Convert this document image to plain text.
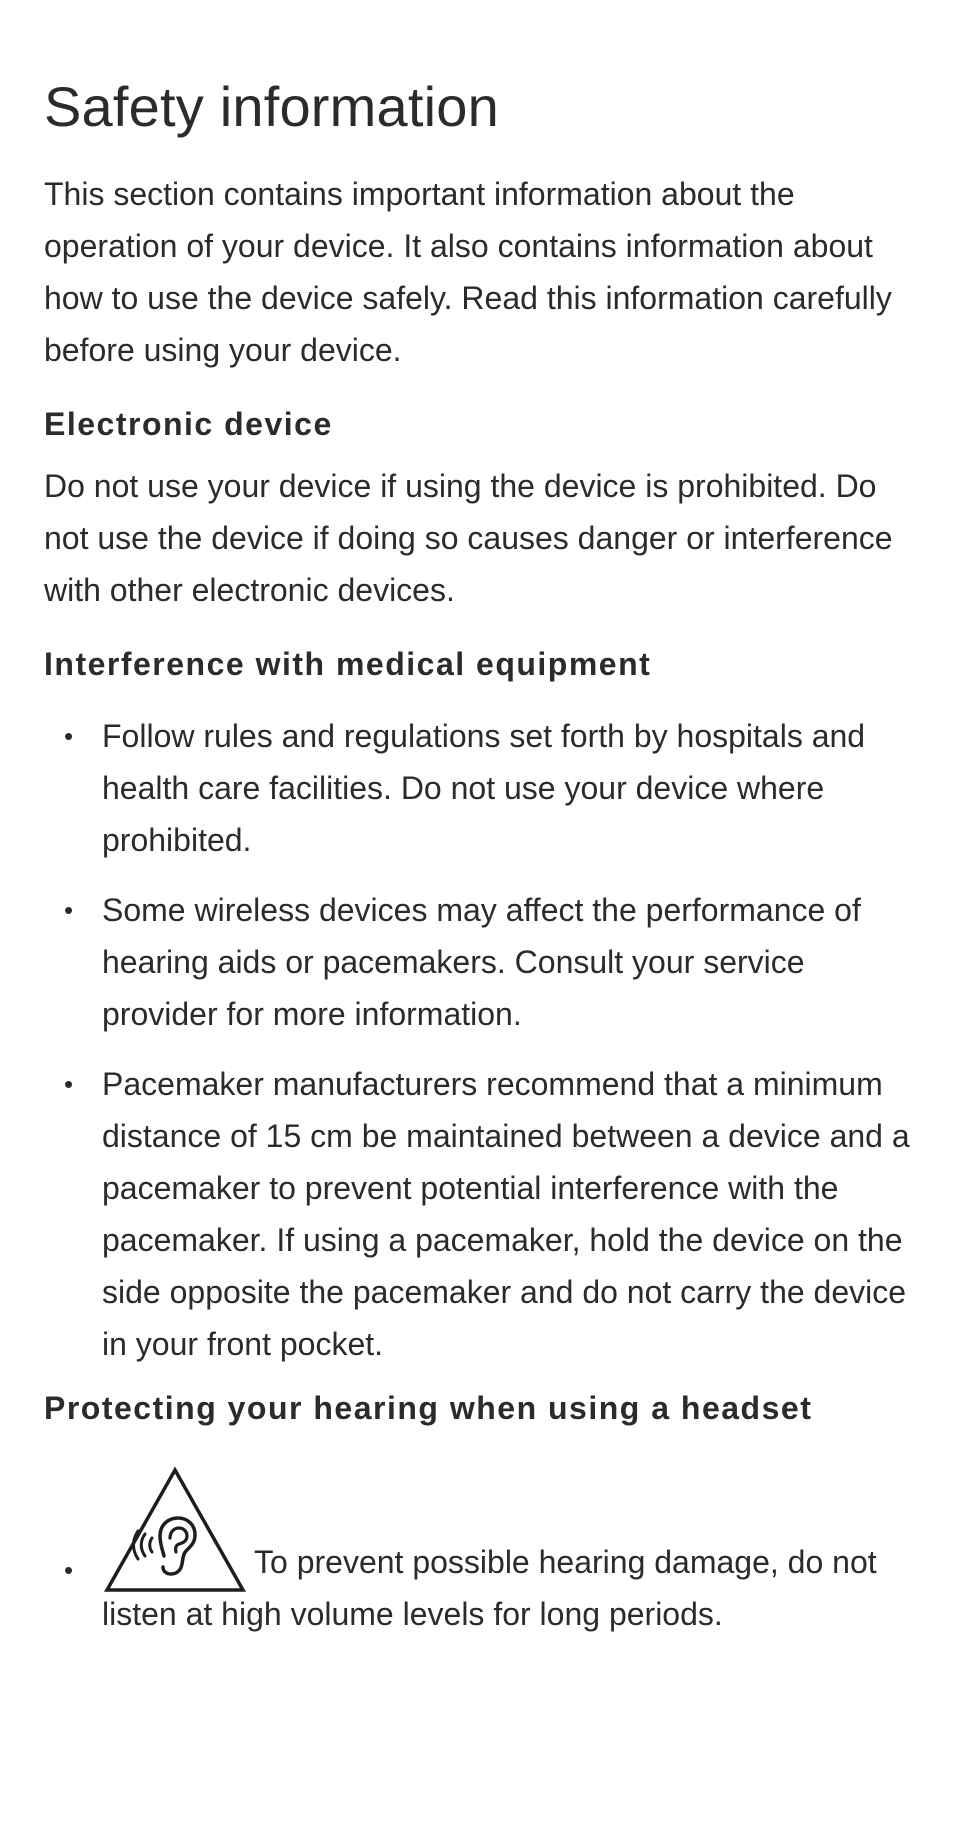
Safety information

This section contains important information about the operation of your device. It also contains information about how to use the device safely. Read this information carefully before using your device.

Electronic device

Do not use your device if using the device is prohibited. Do not use the device if doing so causes danger or interference with other electronic devices.

Interference with medical equipment
• Follow rules and regulations set forth by hospitals and health care facilities. Do not use your device where prohibited.
• Some wireless devices may affect the performance of hearing aids or pacemakers. Consult your service provider for more information.
• Pacemaker manufacturers recommend that a minimum distance of 15 cm be maintained between a device and a pacemaker to prevent potential interference with the pacemaker. If using a pacemaker, hold the device on the side opposite the pacemaker and do not carry the device in your front pocket.
Protecting your hearing when using a headset
•	To prevent possible hearing damage, do not listen at high volume levels for long periods.
